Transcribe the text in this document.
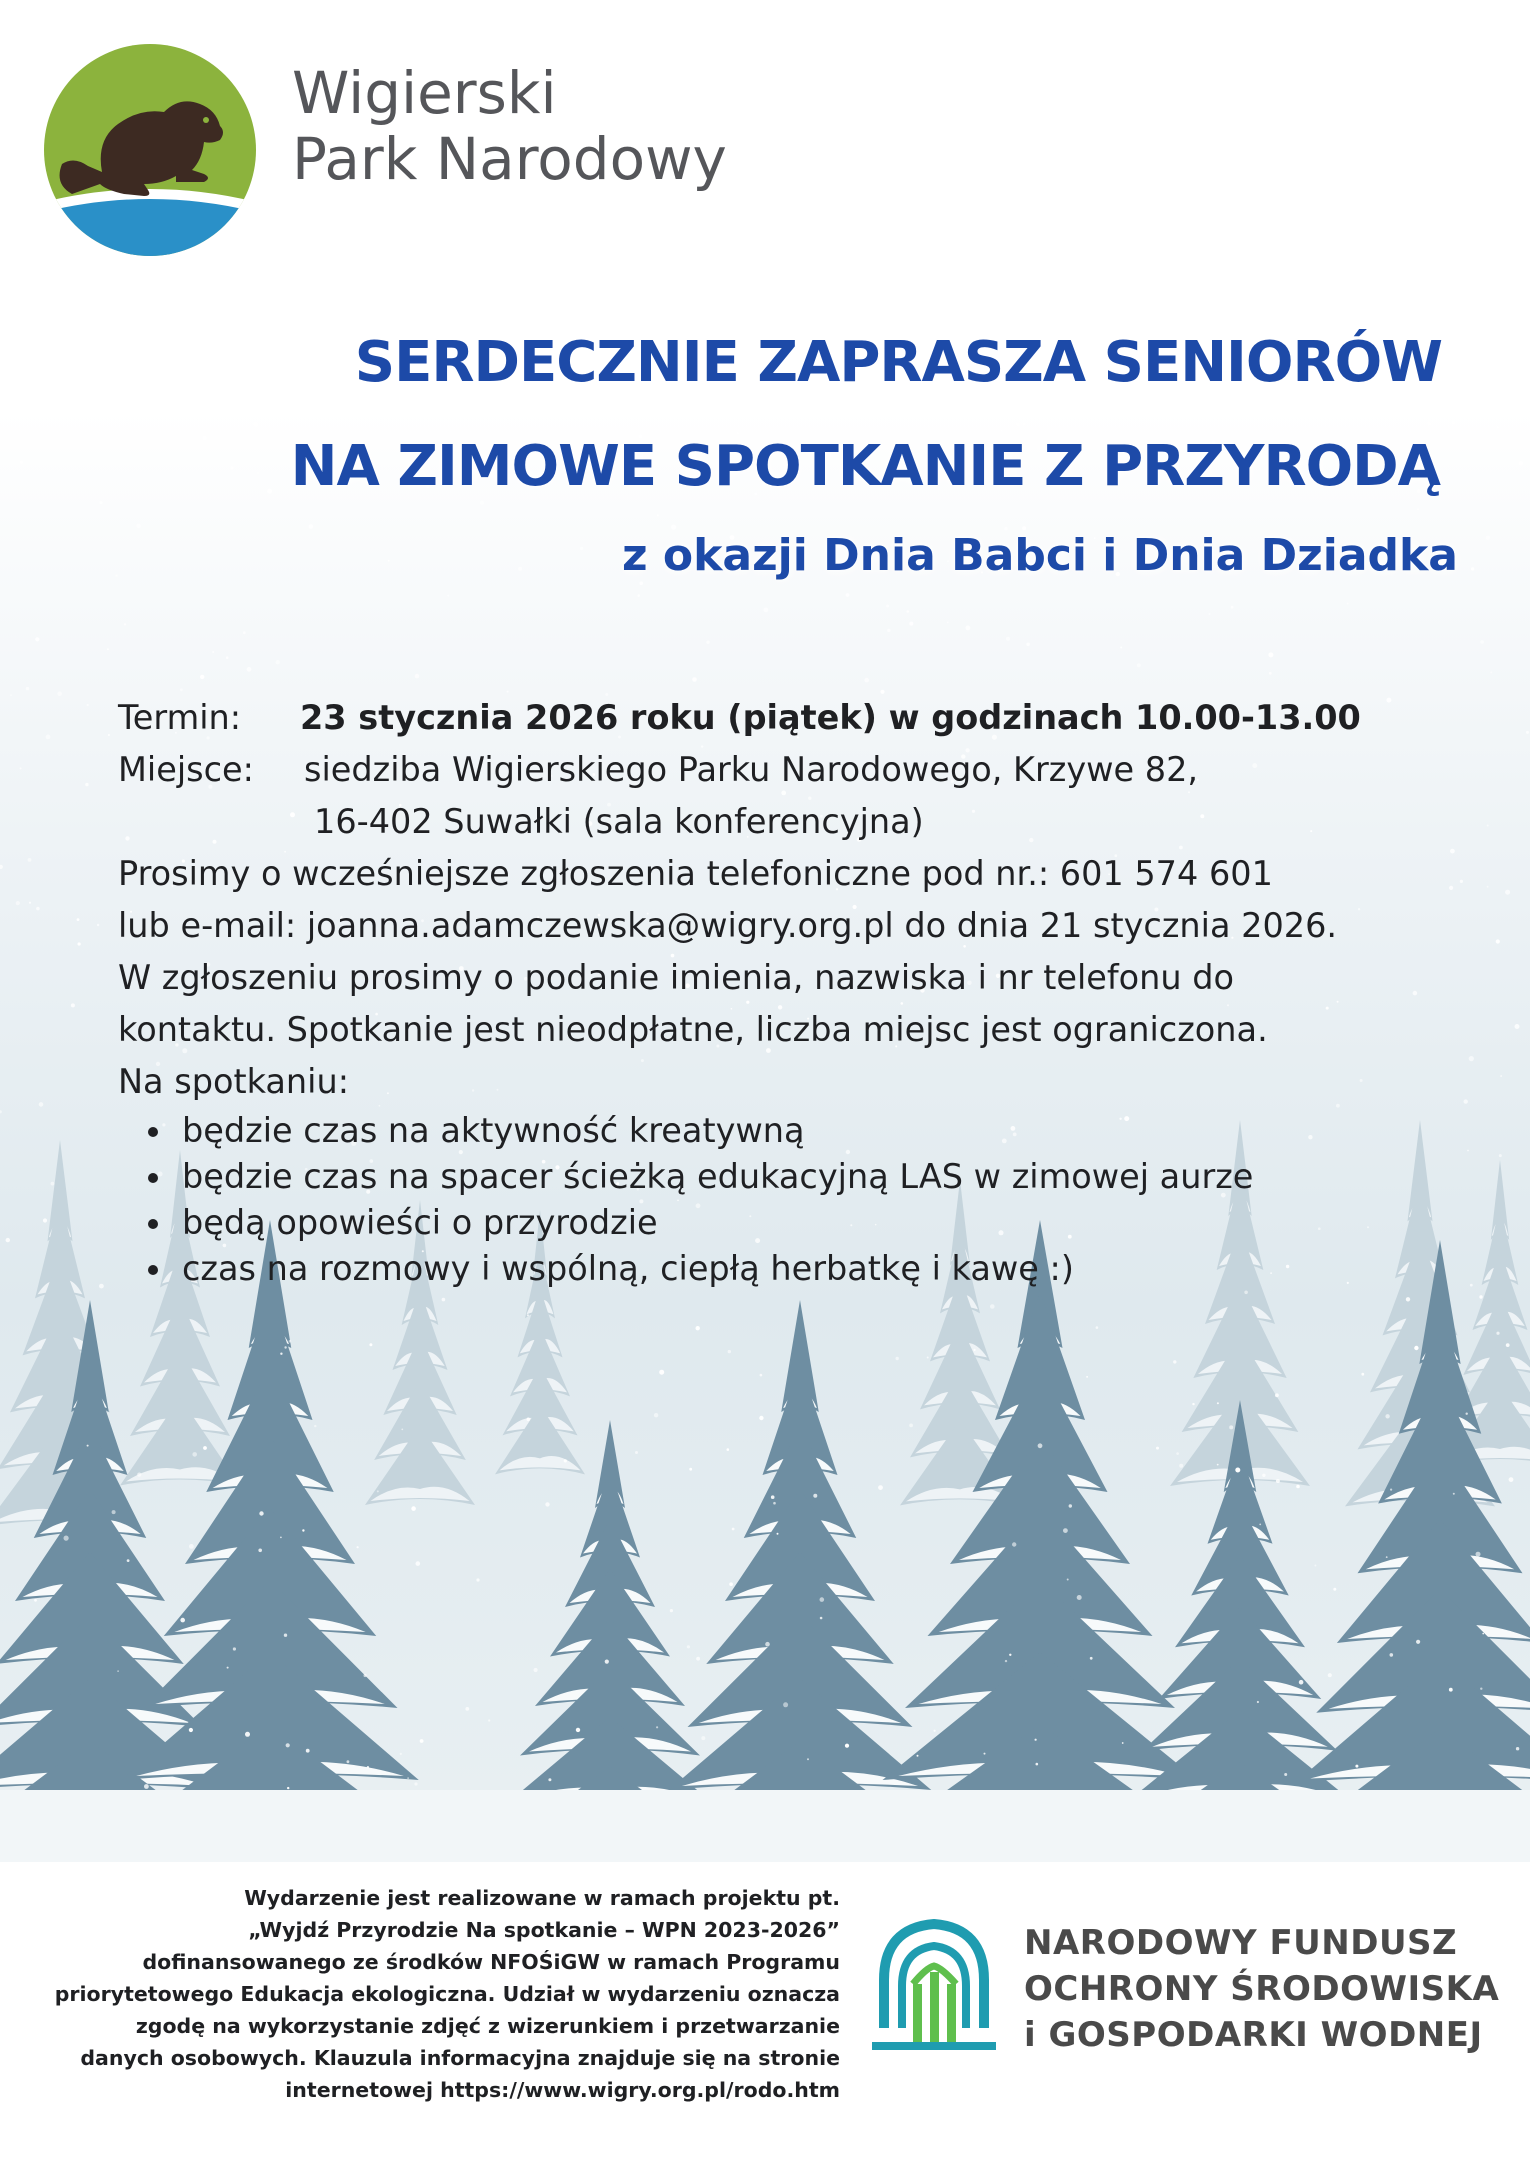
Wigierski
Park Narodowy
SERDECZNIE ZAPRASZA SENIORÓW
NA ZIMOWE SPOTKANIE Z PRZYRODĄ
z okazji Dnia Babci i Dnia Dziadka
Termin: 23 stycznia 2026 roku (piątek) w godzinach 10.00-13.00
Miejsce: siedziba Wigierskiego Parku Narodowego, Krzywe 82,
16-402 Suwałki (sala konferencyjna)
Prosimy o wcześniejsze zgłoszenia telefoniczne pod nr.: 601 574 601
lub e-mail: joanna.adamczewska@wigry.org.pl do dnia 21 stycznia 2026.
W zgłoszeniu prosimy o podanie imienia, nazwiska i nr telefonu do
kontaktu. Spotkanie jest nieodpłatne, liczba miejsc jest ograniczona.
Na spotkaniu:
będzie czas na aktywność kreatywną
będzie czas na spacer ścieżką edukacyjną LAS w zimowej aurze
będą opowieści o przyrodzie
czas na rozmowy i wspólną, ciepłą herbatkę i kawę :)
Wydarzenie jest realizowane w ramach projektu pt.
„Wyjdź Przyrodzie Na spotkanie – WPN 2023-2026”
dofinansowanego ze środków NFOŚiGW w ramach Programu
priorytetowego Edukacja ekologiczna. Udział w wydarzeniu oznacza
zgodę na wykorzystanie zdjęć z wizerunkiem i przetwarzanie
danych osobowych. Klauzula informacyjna znajduje się na stronie
internetowej https://www.wigry.org.pl/rodo.htm
NARODOWY FUNDUSZ
OCHRONY ŚRODOWISKA
i GOSPODARKI WODNEJ
